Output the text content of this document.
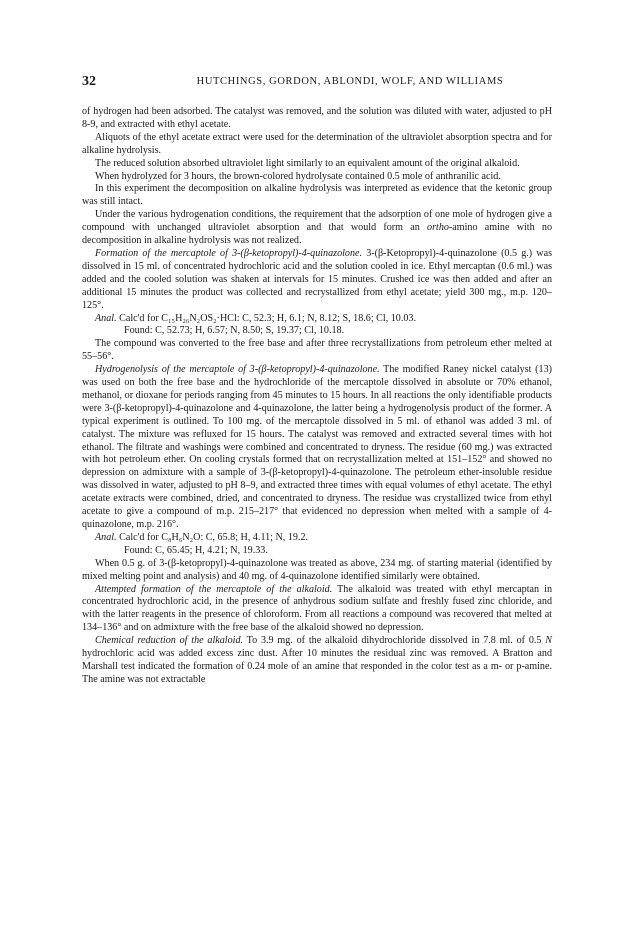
32	HUTCHINGS, GORDON, ABLONDI, WOLF, AND WILLIAMS

of hydrogen had been adsorbed. The catalyst was removed, and the solution was diluted with water, adjusted to pH 8-9, and extracted with ethyl acetate.

Aliquots of the ethyl acetate extract were used for the determination of the ultraviolet absorption spectra and for alkaline hydrolysis.

The reduced solution absorbed ultraviolet light similarly to an equivalent amount of the original alkaloid.

When hydrolyzed for 3 hours, the brown-colored hydrolysate contained 0.5 mole of anthranilic acid.

In this experiment the decomposition on alkaline hydrolysis was interpreted as evidence that the ketonic group was still intact.

Under the various hydrogenation conditions, the requirement that the adsorption of one mole of hydrogen give a compound with unchanged ultraviolet absorption and that would form an ortho-amino amine with no decomposition in alkaline hydrolysis was not realized.

Formation of the mercaptole of 3-(β-ketopropyl)-4-quinazolone. 3-(β-Ketopropyl)-4-quinazolone (0.5 g.) was dissolved in 15 ml. of concentrated hydrochloric acid and the solution cooled in ice. Ethyl mercaptan (0.6 ml.) was added and the cooled solution was shaken at intervals for 15 minutes. Crushed ice was then added and after an additional 15 minutes the product was collected and recrystallized from ethyl acetate; yield 300 mg., m.p. 120–125°.

Anal. Calc'd for C₁₅H₂₆N₂OS₂·HCl: C, 52.3; H, 6.1; N, 8.12; S, 18.6; Cl, 10.03.

Found: C, 52.73; H, 6.57; N, 8.50; S, 19.37; Cl, 10.18.

The compound was converted to the free base and after three recrystallizations from petroleum ether melted at 55–56°.

Hydrogenolysis of the mercaptole of 3-(β-ketopropyl)-4-quinazolone. The modified Raney nickel catalyst (13) was used on both the free base and the hydrochloride of the mercaptole dissolved in absolute or 70% ethanol, methanol, or dioxane for periods ranging from 45 minutes to 15 hours. In all reactions the only identifiable products were 3-(β-ketopropyl)-4-quinazolone and 4-quinazolone, the latter being a hydrogenolysis product of the former. A typical experiment is outlined. To 100 mg. of the mercaptole dissolved in 5 ml. of ethanol was added 3 ml. of catalyst. The mixture was refluxed for 15 hours. The catalyst was removed and extracted several times with hot ethanol. The filtrate and washings were combined and concentrated to dryness. The residue (60 mg.) was extracted with hot petroleum ether. On cooling crystals formed that on recrystallization melted at 151–152° and showed no depression on admixture with a sample of 3-(β-ketopropyl)-4-quinazolone. The petroleum ether-insoluble residue was dissolved in water, adjusted to pH 8–9, and extracted three times with equal volumes of ethyl acetate. The ethyl acetate extracts were combined, dried, and concentrated to dryness. The residue was crystallized twice from ethyl acetate to give a compound of m.p. 215–217° that evidenced no depression when melted with a sample of 4-quinazolone, m.p. 216°.

Anal. Calc'd for C₈H₆N₂O: C, 65.8; H, 4.11; N, 19.2.

Found: C, 65.45; H, 4.21; N, 19.33.

When 0.5 g. of 3-(β-ketopropyl)-4-quinazolone was treated as above, 234 mg. of starting material (identified by mixed melting point and analysis) and 40 mg. of 4-quinazolone identified similarly were obtained.

Attempted formation of the mercaptole of the alkaloid. The alkaloid was treated with ethyl mercaptan in concentrated hydrochloric acid, in the presence of anhydrous sodium sulfate and freshly fused zinc chloride, and with the latter reagents in the presence of chloroform. From all reactions a compound was recovered that melted at 134–136° and on admixture with the free base of the alkaloid showed no depression.

Chemical reduction of the alkaloid. To 3.9 mg. of the alkaloid dihydrochloride dissolved in 7.8 ml. of 0.5 N hydrochloric acid was added excess zinc dust. After 10 minutes the residual zinc was removed. A Bratton and Marshall test indicated the formation of 0.24 mole of an amine that responded in the color test as a m- or p-amine. The amine was not extractable
